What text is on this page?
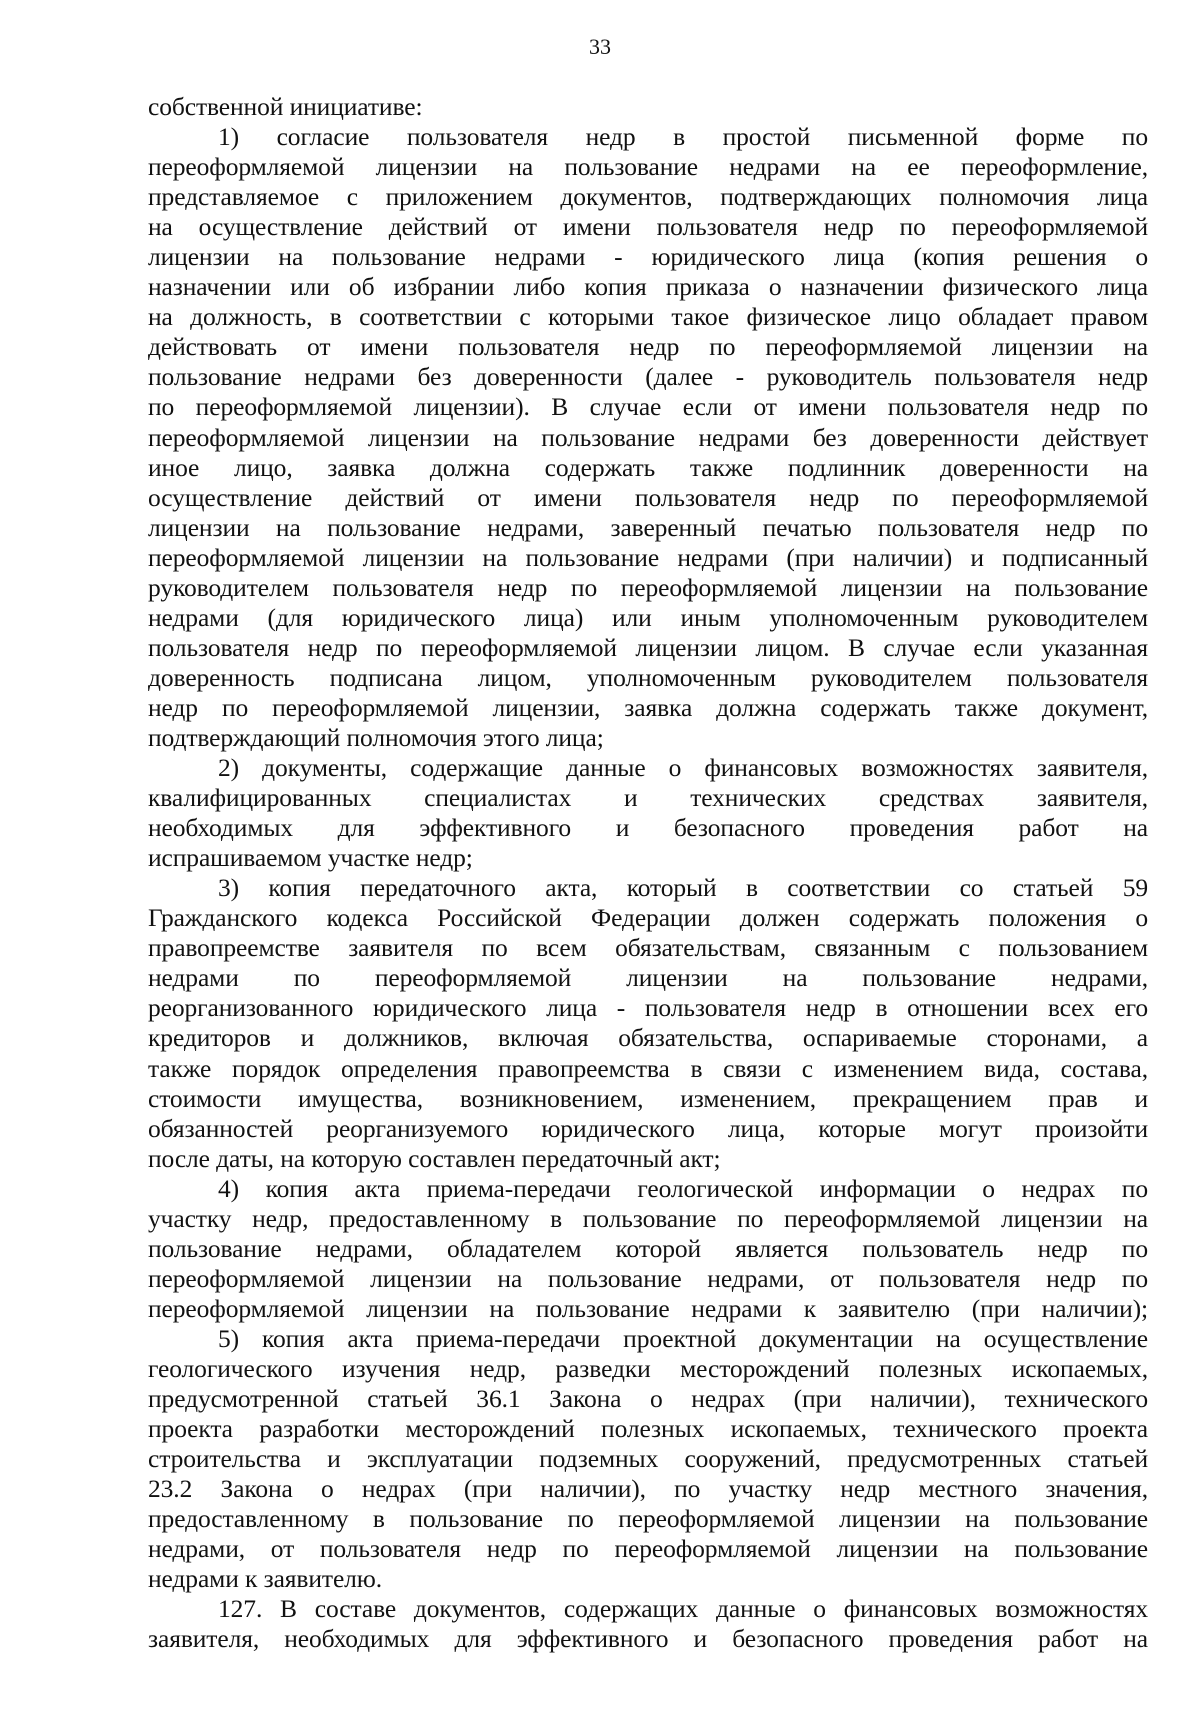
33
собственной инициативе:
1) согласие пользователя недр в простой письменной форме по
переоформляемой лицензии на пользование недрами на ее переоформление,
представляемое с приложением документов, подтверждающих полномочия лица
на осуществление действий от имени пользователя недр по переоформляемой
лицензии на пользование недрами - юридического лица (копия решения о
назначении или об избрании либо копия приказа о назначении физического лица
на должность, в соответствии с которыми такое физическое лицо обладает правом
действовать от имени пользователя недр по переоформляемой лицензии на
пользование недрами без доверенности (далее - руководитель пользователя недр
по переоформляемой лицензии). В случае если от имени пользователя недр по
переоформляемой лицензии на пользование недрами без доверенности действует
иное лицо, заявка должна содержать также подлинник доверенности на
осуществление действий от имени пользователя недр по переоформляемой
лицензии на пользование недрами, заверенный печатью пользователя недр по
переоформляемой лицензии на пользование недрами (при наличии) и подписанный
руководителем пользователя недр по переоформляемой лицензии на пользование
недрами (для юридического лица) или иным уполномоченным руководителем
пользователя недр по переоформляемой лицензии лицом. В случае если указанная
доверенность подписана лицом, уполномоченным руководителем пользователя
недр по переоформляемой лицензии, заявка должна содержать также документ,
подтверждающий полномочия этого лица;
2) документы, содержащие данные о финансовых возможностях заявителя,
квалифицированных специалистах и технических средствах заявителя,
необходимых для эффективного и безопасного проведения работ на
испрашиваемом участке недр;
3) копия передаточного акта, который в соответствии со статьей 59
Гражданского кодекса Российской Федерации должен содержать положения о
правопреемстве заявителя по всем обязательствам, связанным с пользованием
недрами по переоформляемой лицензии на пользование недрами,
реорганизованного юридического лица - пользователя недр в отношении всех его
кредиторов и должников, включая обязательства, оспариваемые сторонами, а
также порядок определения правопреемства в связи с изменением вида, состава,
стоимости имущества, возникновением, изменением, прекращением прав и
обязанностей реорганизуемого юридического лица, которые могут произойти
после даты, на которую составлен передаточный акт;
4) копия акта приема-передачи геологической информации о недрах по
участку недр, предоставленному в пользование по переоформляемой лицензии на
пользование недрами, обладателем которой является пользователь недр по
переоформляемой лицензии на пользование недрами, от пользователя недр по
переоформляемой лицензии на пользование недрами к заявителю (при наличии);
5) копия акта приема-передачи проектной документации на осуществление
геологического изучения недр, разведки месторождений полезных ископаемых,
предусмотренной статьей 36.1 Закона о недрах (при наличии), технического
проекта разработки месторождений полезных ископаемых, технического проекта
строительства и эксплуатации подземных сооружений, предусмотренных статьей
23.2 Закона о недрах (при наличии), по участку недр местного значения,
предоставленному в пользование по переоформляемой лицензии на пользование
недрами, от пользователя недр по переоформляемой лицензии на пользование
недрами к заявителю.
127. В составе документов, содержащих данные о финансовых возможностях
заявителя, необходимых для эффективного и безопасного проведения работ на
